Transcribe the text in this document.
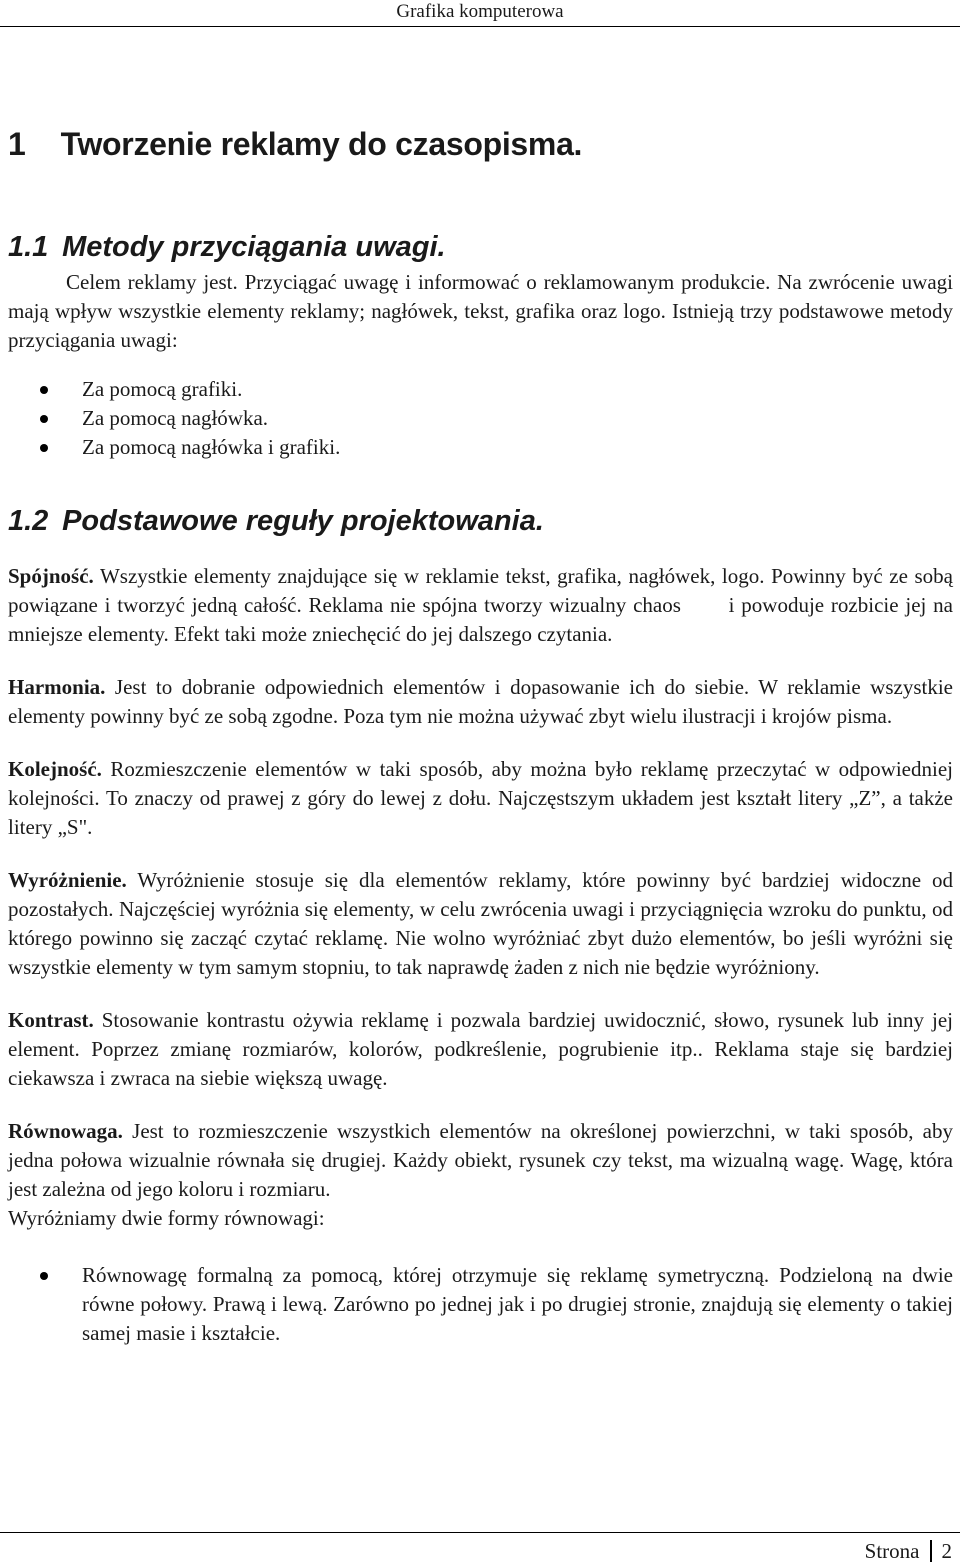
Grafika komputerowa
1 Tworzenie reklamy do czasopisma.
1.1 Metody przyciągania uwagi.

Celem reklamy jest. Przyciągać uwagę i informować o reklamowanym produkcie. Na zwrócenie uwagi mają wpływ wszystkie elementy reklamy; nagłówek, tekst, grafika oraz logo. Istnieją trzy podstawowe metody przyciągania uwagi:

Za pomocą grafiki.
Za pomocą nagłówka.
Za pomocą nagłówka i grafiki.
1.2 Podstawowe reguły projektowania.

Spójność. Wszystkie elementy znajdujące się w reklamie tekst, grafika, nagłówek, logo. Powinny być ze sobą powiązane i tworzyć jedną całość. Reklama nie spójna tworzy wizualny chaos       i powoduje rozbicie jej na mniejsze elementy. Efekt taki może zniechęcić do jej dalszego czytania.

Harmonia. Jest to dobranie odpowiednich elementów i dopasowanie ich do siebie. W reklamie wszystkie elementy powinny być ze sobą zgodne. Poza tym nie można używać zbyt wielu ilustracji i krojów pisma.

Kolejność. Rozmieszczenie elementów w taki sposób, aby można było reklamę przeczytać w odpowiedniej kolejności. To znaczy od prawej z góry do lewej z dołu. Najczęstszym układem jest kształt litery „Z”, a także litery „S".

Wyróżnienie. Wyróżnienie stosuje się dla elementów reklamy, które powinny być bardziej widoczne od pozostałych. Najczęściej wyróżnia się elementy, w celu zwrócenia uwagi i przyciągnięcia wzroku do punktu, od którego powinno się zacząć czytać reklamę. Nie wolno wyróżniać zbyt dużo elementów, bo jeśli wyróżni się wszystkie elementy w tym samym stopniu, to tak naprawdę żaden z nich nie będzie wyróżniony.

Kontrast. Stosowanie kontrastu ożywia reklamę i pozwala bardziej uwidocznić, słowo, rysunek lub inny jej element. Poprzez zmianę rozmiarów, kolorów, podkreślenie, pogrubienie itp.. Reklama staje się bardziej ciekawsza i zwraca na siebie większą uwagę.

Równowaga. Jest to rozmieszczenie wszystkich elementów na określonej powierzchni, w taki sposób, aby jedna połowa wizualnie równała się drugiej. Każdy obiekt, rysunek czy tekst, ma wizualną wagę. Wagę, która jest zależna od jego koloru i rozmiaru.

Wyróżniamy dwie formy równowagi:

Równowagę formalną za pomocą, której otrzymuje się reklamę symetryczną. Podzieloną na dwie równe połowy. Prawą i lewą. Zarówno po jednej jak i po drugiej stronie, znajdują się elementy o takiej samej masie i kształcie.
Strona 2
